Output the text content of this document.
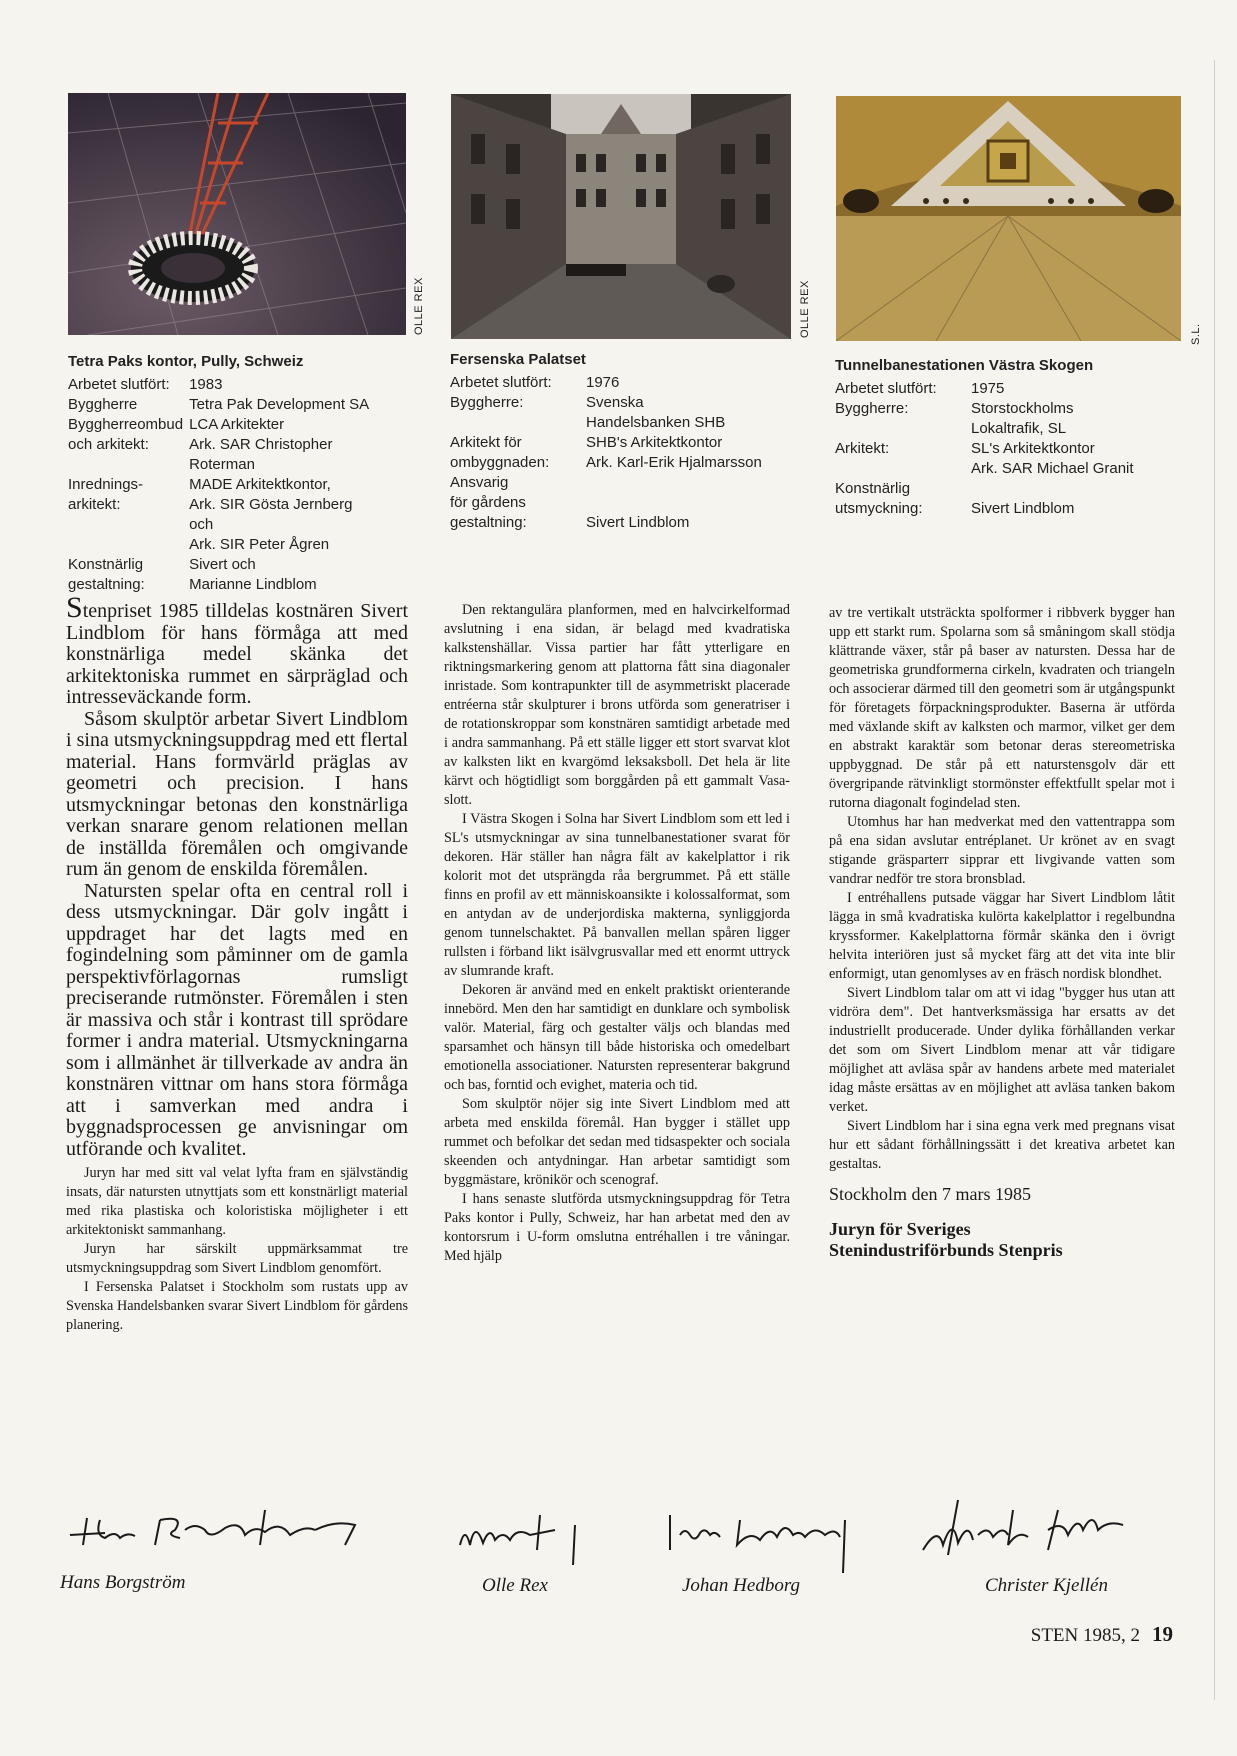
OLLE REX	OLLE REX	S.L.
Tetra Paks kontor, Pully, Schweiz
Arbetet slutfört:	1983
Byggherre	Tetra Pak Development SA
Byggherreombud	LCA Arkitekter
och arkitekt:	Ark. SAR Christopher Roterman
Inrednings-
arkitekt:	MADE Arkitektkontor,
Ark. SIR Gösta Jernberg och
Ark. SIR Peter Ågren
Konstnärlig
gestaltning:	Sivert och
Marianne Lindblom
Fersenska Palatset
Arbetet slutfört:	1976
Byggherre:	Svenska
Handelsbanken SHB
Arkitekt för
ombyggnaden:	SHB's Arkitektkontor
Ark. Karl-Erik Hjalmarsson
Ansvarig
för gårdens
gestaltning:	

Sivert Lindblom
Tunnelbanestationen Västra Skogen
Arbetet slutfört:	1975
Byggherre:	Storstockholms
Lokaltrafik, SL
Arkitekt:	SL's Arkitektkontor
Ark. SAR Michael Granit
Konstnärlig
utsmyckning:	
Sivert Lindblom

Stenpriset 1985 tilldelas kostnären Sivert Lindblom för hans förmåga att med konstnärliga medel skänka det arkitektoniska rummet en särpräglad och intresseväckande form.

Såsom skulptör arbetar Sivert Lindblom i sina utsmyckningsuppdrag med ett flertal material. Hans formvärld präglas av geometri och precision. I hans utsmyckningar betonas den konstnärliga verkan snarare genom relationen mellan de inställda föremålen och omgivande rum än genom de enskilda föremålen.

Natursten spelar ofta en central roll i dess utsmyckningar. Där golv ingått i uppdraget har det lagts med en fogindelning som påminner om de gamla perspektivförlagornas rumsligt preciserande rutmönster. Föremålen i sten är massiva och står i kontrast till sprödare former i andra material. Utsmyckningarna som i allmänhet är tillverkade av andra än konstnären vittnar om hans stora förmåga att i samverkan med andra i byggnadsprocessen ge anvisningar om utförande och kvalitet.

Juryn har med sitt val velat lyfta fram en självständig insats, där natursten utnyttjats som ett konstnärligt material med rika plastiska och koloristiska möjligheter i ett arkitektoniskt sammanhang.

Juryn har särskilt uppmärksammat tre utsmyckningsuppdrag som Sivert Lindblom genomfört.

I Fersenska Palatset i Stockholm som rustats upp av Svenska Handelsbanken svarar Sivert Lindblom för gårdens planering.

Den rektangulära planformen, med en halvcirkelformad avslutning i ena sidan, är belagd med kvadratiska kalkstenshällar. Vissa partier har fått ytterligare en riktningsmarkering genom att plattorna fått sina diagonaler inristade. Som kontrapunkter till de asymmetriskt placerade entréerna står skulpturer i brons utförda som generatriser i de rotationskroppar som konstnären samtidigt arbetade med i andra sammanhang. På ett ställe ligger ett stort svarvat klot av kalksten likt en kvargömd leksaksboll. Det hela är lite kärvt och högtidligt som borggården på ett gammalt Vasa-slott.

I Västra Skogen i Solna har Sivert Lindblom som ett led i SL's utsmyckningar av sina tunnelbanestationer svarat för dekoren. Här ställer han några fält av kakelplattor i rik kolorit mot det utsprängda råa bergrummet. På ett ställe finns en profil av ett människoansikte i kolossalformat, som en antydan av de underjordiska makterna, synliggjorda genom tunnelschaktet. På banvallen mellan spåren ligger rullsten i förband likt isälvgrusvallar med ett enormt uttryck av slumrande kraft.

Dekoren är använd med en enkelt praktiskt orienterande innebörd. Men den har samtidigt en dunklare och symbolisk valör. Material, färg och gestalter väljs och blandas med sparsamhet och hänsyn till både historiska och omedelbart emotionella associationer. Natursten representerar bakgrund och bas, forntid och evighet, materia och tid.

Som skulptör nöjer sig inte Sivert Lindblom med att arbeta med enskilda föremål. Han bygger i stället upp rummet och befolkar det sedan med tidsaspekter och sociala skeenden och antydningar. Han arbetar samtidigt som byggmästare, krönikör och scenograf.

I hans senaste slutförda utsmyckningsuppdrag för Tetra Paks kontor i Pully, Schweiz, har han arbetat med den av kontorsrum i U-form omslutna entréhallen i tre våningar. Med hjälp

av tre vertikalt utsträckta spolformer i ribbverk bygger han upp ett starkt rum. Spolarna som så småningom skall stödja klättrande växer, står på baser av natursten. Dessa har de geometriska grundformerna cirkeln, kvadraten och triangeln och associerar därmed till den geometri som är utgångspunkt för företagets förpackningsprodukter. Baserna är utförda med växlande skift av kalksten och marmor, vilket ger dem en abstrakt karaktär som betonar deras stereometriska uppbyggnad. De står på ett naturstensgolv där ett övergripande rätvinkligt stormönster effektfullt spelar mot i rutorna diagonalt fogindelad sten.

Utomhus har han medverkat med den vattentrappa som på ena sidan avslutar entréplanet. Ur krönet av en svagt stigande gräsparterr sipprar ett livgivande vatten som vandrar nedför tre stora bronsblad.

I entréhallens putsade väggar har Sivert Lindblom låtit lägga in små kvadratiska kulörta kakelplattor i regelbundna kryssformer. Kakelplattorna förmår skänka den i övrigt helvita interiören just så mycket färg att det vita inte blir enformigt, utan genomlyses av en fräsch nordisk blondhet.

Sivert Lindblom talar om att vi idag "bygger hus utan att vidröra dem". Det hantverksmässiga har ersatts av det industriellt producerade. Under dylika förhållanden verkar det som om Sivert Lindblom menar att vår tidigare möjlighet att avläsa spår av handens arbete med materialet idag måste ersättas av en möjlighet att avläsa tanken bakom verket.

Sivert Lindblom har i sina egna verk med pregnans visat hur ett sådant förhållningssätt i det kreativa arbetet kan gestaltas.

Stockholm den 7 mars 1985
Juryn för Sveriges
Stenindustriförbunds Stenpris
Hans Borgström	Olle Rex	Johan Hedborg	Christer Kjellén
STEN 1985, 2 19
